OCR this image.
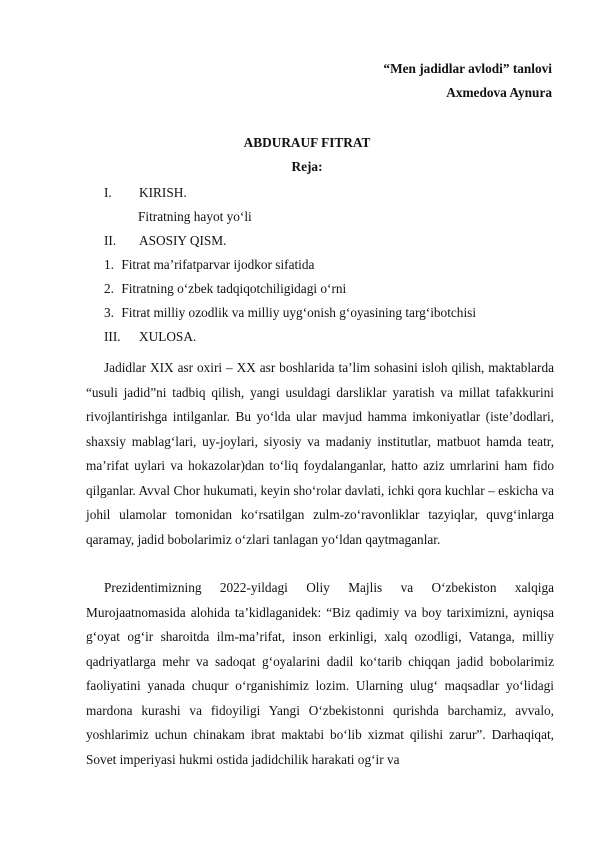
“Men jadidlar avlodi” tanlovi
Axmedova Aynura
ABDURAUF FITRAT
Reja:
I. KIRISH.
Fitratning hayot yo‘li
II. ASOSIY QISM.
1. Fitrat ma’rifatparvar ijodkor sifatida
2. Fitratning o‘zbek tadqiqotchiligidagi o‘rni
3. Fitrat milliy ozodlik va milliy uyg‘onish g‘oyasining targ‘ibotchisi
III. XULOSA.
Jadidlar XIX asr oxiri – XX asr boshlarida ta’lim sohasini isloh qilish, maktablarda “usuli jadid”ni tadbiq qilish, yangi usuldagi darsliklar yaratish va millat tafakkurini rivojlantirishga intilganlar. Bu yo‘lda ular mavjud hamma imkoniyatlar (iste’dodlari, shaxsiy mablag‘lari, uy-joylari, siyosiy va madaniy institutlar, matbuot hamda teatr, ma’rifat uylari va hokazolar)dan to‘liq foydalanganlar, hatto aziz umrlarini ham fido qilganlar. Avval Chor hukumati, keyin sho‘rolar davlati, ichki qora kuchlar – eskicha va johil ulamolar tomonidan ko‘rsatilgan zulm-zo‘ravonliklar tazyiqlar, quvg‘inlarga qaramay, jadid bobolarimiz o‘zlari tanlagan yo‘ldan qaytmaganlar.
Prezidentimizning 2022-yildagi Oliy Majlis va O‘zbekiston xalqiga Murojaatnomasida alohida ta’kidlaganidek: “Biz qadimiy va boy tariximizni, ayniqsa g‘oyat og‘ir sharoitda ilm-ma’rifat, inson erkinligi, xalq ozodligi, Vatanga, milliy qadriyatlarga mehr va sadoqat g‘oyalarini dadil ko‘tarib chiqqan jadid bobolarimiz faoliyatini yanada chuqur o‘rganishimiz lozim. Ularning ulug‘ maqsadlar yo‘lidagi mardona kurashi va fidoyiligi Yangi O‘zbekistonni qurishda barchamiz, avvalo, yoshlarimiz uchun chinakam ibrat maktabi bo‘lib xizmat qilishi zarur”. Darhaqiqat, Sovet imperiyasi hukmi ostida jadidchilik harakati og‘ir va
